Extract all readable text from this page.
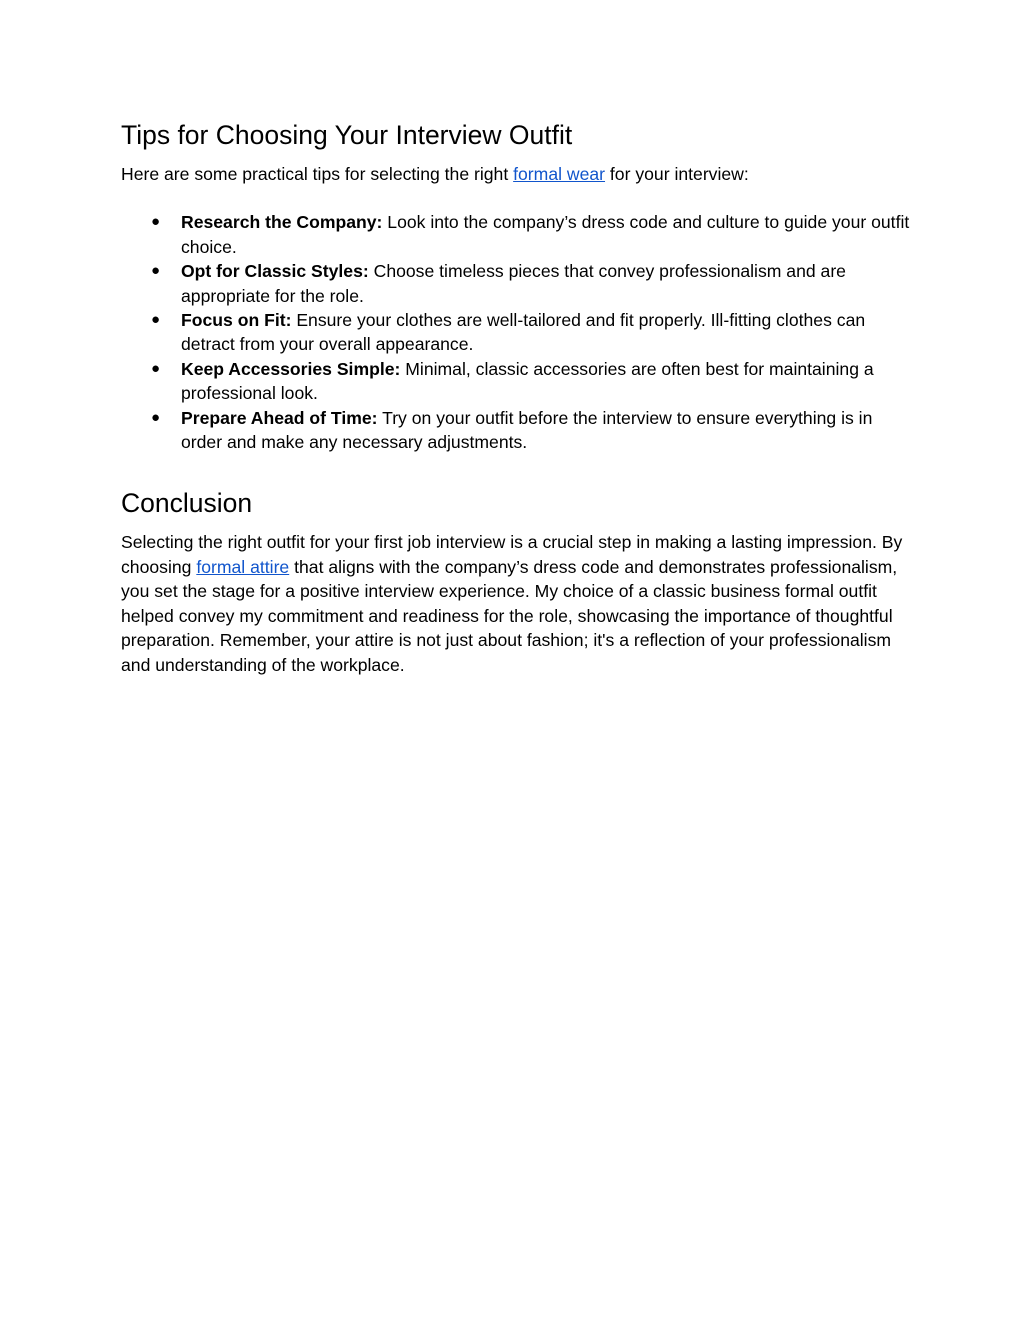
Tips for Choosing Your Interview Outfit

Here are some practical tips for selecting the right formal wear for your interview:

● Research the Company: Look into the company’s dress code and culture to guide your outfit choice.
● Opt for Classic Styles: Choose timeless pieces that convey professionalism and are appropriate for the role.
● Focus on Fit: Ensure your clothes are well-tailored and fit properly. Ill-fitting clothes can detract from your overall appearance.
● Keep Accessories Simple: Minimal, classic accessories are often best for maintaining a professional look.
● Prepare Ahead of Time: Try on your outfit before the interview to ensure everything is in order and make any necessary adjustments.
Conclusion

Selecting the right outfit for your first job interview is a crucial step in making a lasting impression. By choosing formal attire that aligns with the company’s dress code and demonstrates professionalism, you set the stage for a positive interview experience. My choice of a classic business formal outfit helped convey my commitment and readiness for the role, showcasing the importance of thoughtful preparation. Remember, your attire is not just about fashion; it's a reflection of your professionalism and understanding of the workplace.
